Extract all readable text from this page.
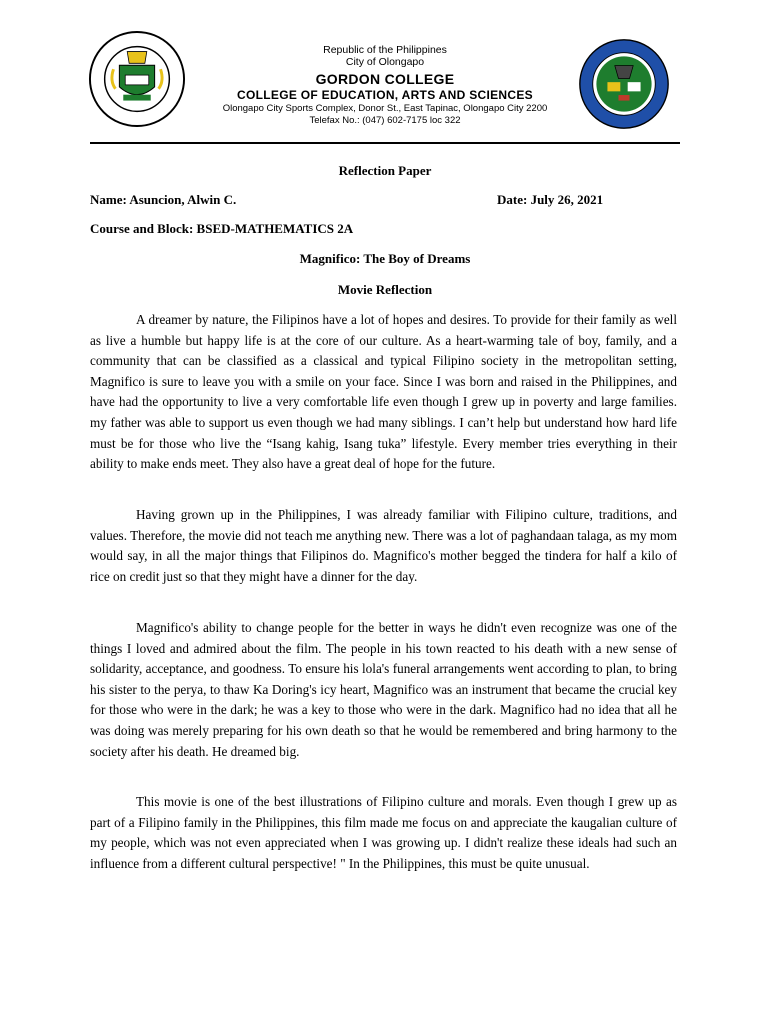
Republic of the Philippines
City of Olongapo
GORDON COLLEGE
COLLEGE OF EDUCATION, ARTS AND SCIENCES
Olongapo City Sports Complex, Donor St., East Tapinac, Olongapo City 2200
Telefax No.: (047) 602-7175 loc 322
Reflection Paper
Name: Asuncion, Alwin C.	Date: July 26, 2021
Course and Block: BSED-MATHEMATICS 2A
Magnifico: The Boy of Dreams
Movie Reflection

A dreamer by nature, the Filipinos have a lot of hopes and desires. To provide for their family as well as live a humble but happy life is at the core of our culture. As a heart-warming tale of boy, family, and a community that can be classified as a classical and typical Filipino society in the metropolitan setting, Magnifico is sure to leave you with a smile on your face. Since I was born and raised in the Philippines, and have had the opportunity to live a very comfortable life even though I grew up in poverty and large families. my father was able to support us even though we had many siblings. I can’t help but understand how hard life must be for those who live the “Isang kahig, Isang tuka” lifestyle. Every member tries everything in their ability to make ends meet. They also have a great deal of hope for the future.

Having grown up in the Philippines, I was already familiar with Filipino culture, traditions, and values. Therefore, the movie did not teach me anything new. There was a lot of paghandaan talaga, as my mom would say, in all the major things that Filipinos do. Magnifico's mother begged the tindera for half a kilo of rice on credit just so that they might have a dinner for the day.

Magnifico's ability to change people for the better in ways he didn't even recognize was one of the things I loved and admired about the film. The people in his town reacted to his death with a new sense of solidarity, acceptance, and goodness. To ensure his lola's funeral arrangements went according to plan, to bring his sister to the perya, to thaw Ka Doring's icy heart, Magnifico was an instrument that became the crucial key for those who were in the dark; he was a key to those who were in the dark. Magnifico had no idea that all he was doing was merely preparing for his own death so that he would be remembered and bring harmony to the society after his death. He dreamed big.

This movie is one of the best illustrations of Filipino culture and morals. Even though I grew up as part of a Filipino family in the Philippines, this film made me focus on and appreciate the kaugalian culture of my people, which was not even appreciated when I was growing up. I didn't realize these ideals had such an influence from a different cultural perspective! " In the Philippines, this must be quite unusual.
